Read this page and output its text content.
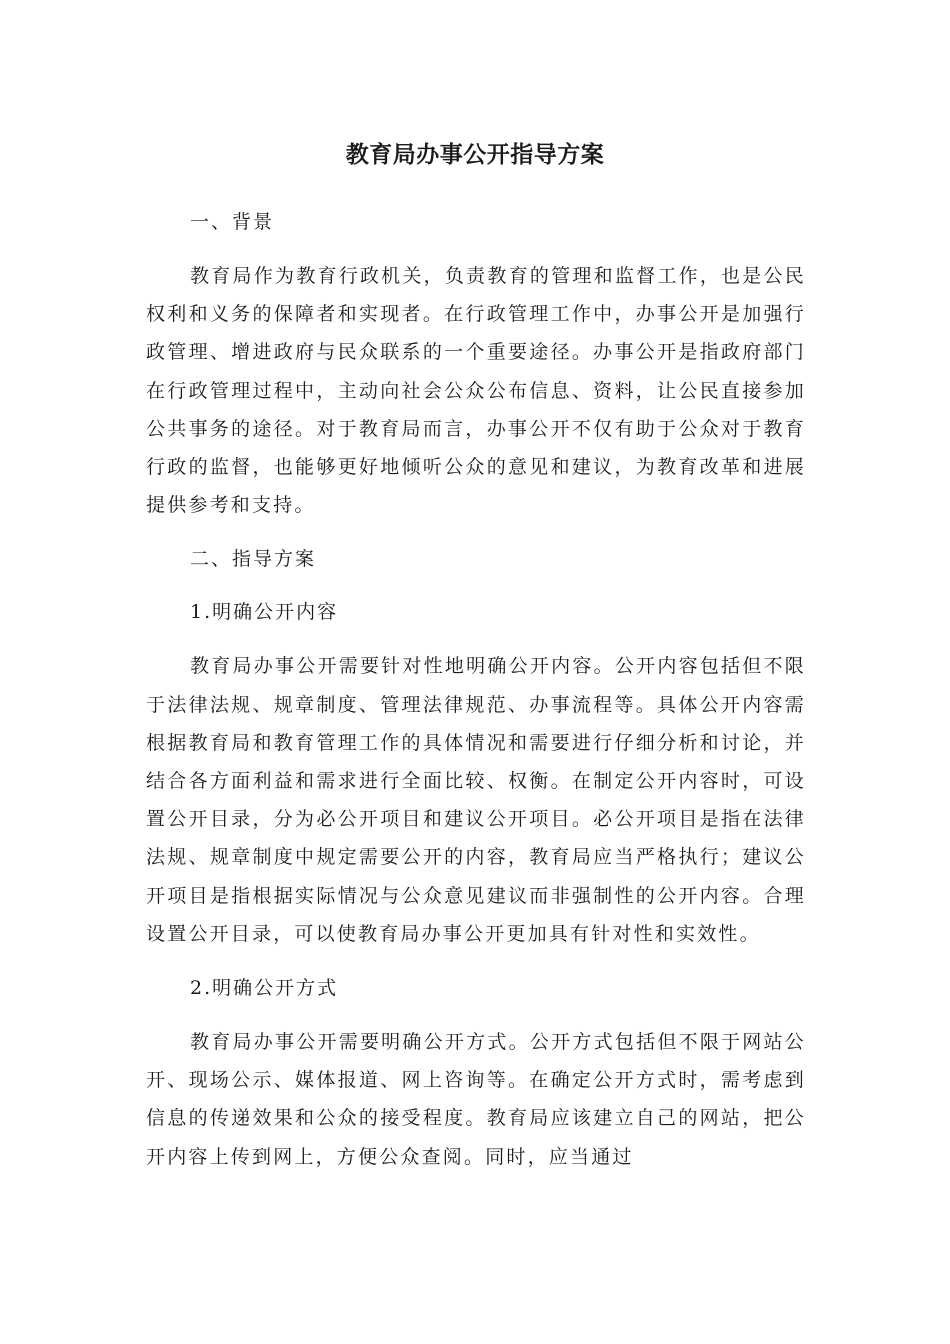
教育局办事公开指导方案

一、背景

教育局作为教育行政机关，负责教育的管理和监督工作，也是公民权利和义务的保障者和实现者。在行政管理工作中，办事公开是加强行政管理、增进政府与民众联系的一个重要途径。办事公开是指政府部门在行政管理过程中，主动向社会公众公布信息、资料，让公民直接参加公共事务的途径。对于教育局而言，办事公开不仅有助于公众对于教育行政的监督，也能够更好地倾听公众的意见和建议，为教育改革和进展提供参考和支持。

二、指导方案

1.明确公开内容

教育局办事公开需要针对性地明确公开内容。公开内容包括但不限于法律法规、规章制度、管理法律规范、办事流程等。具体公开内容需根据教育局和教育管理工作的具体情况和需要进行仔细分析和讨论，并结合各方面利益和需求进行全面比较、权衡。在制定公开内容时，可设置公开目录，分为必公开项目和建议公开项目。必公开项目是指在法律法规、规章制度中规定需要公开的内容，教育局应当严格执行；建议公开项目是指根据实际情况与公众意见建议而非强制性的公开内容。合理设置公开目录，可以使教育局办事公开更加具有针对性和实效性。

2.明确公开方式

教育局办事公开需要明确公开方式。公开方式包括但不限于网站公开、现场公示、媒体报道、网上咨询等。在确定公开方式时，需考虑到信息的传递效果和公众的接受程度。教育局应该建立自己的网站，把公开内容上传到网上，方便公众查阅。同时，应当通过
